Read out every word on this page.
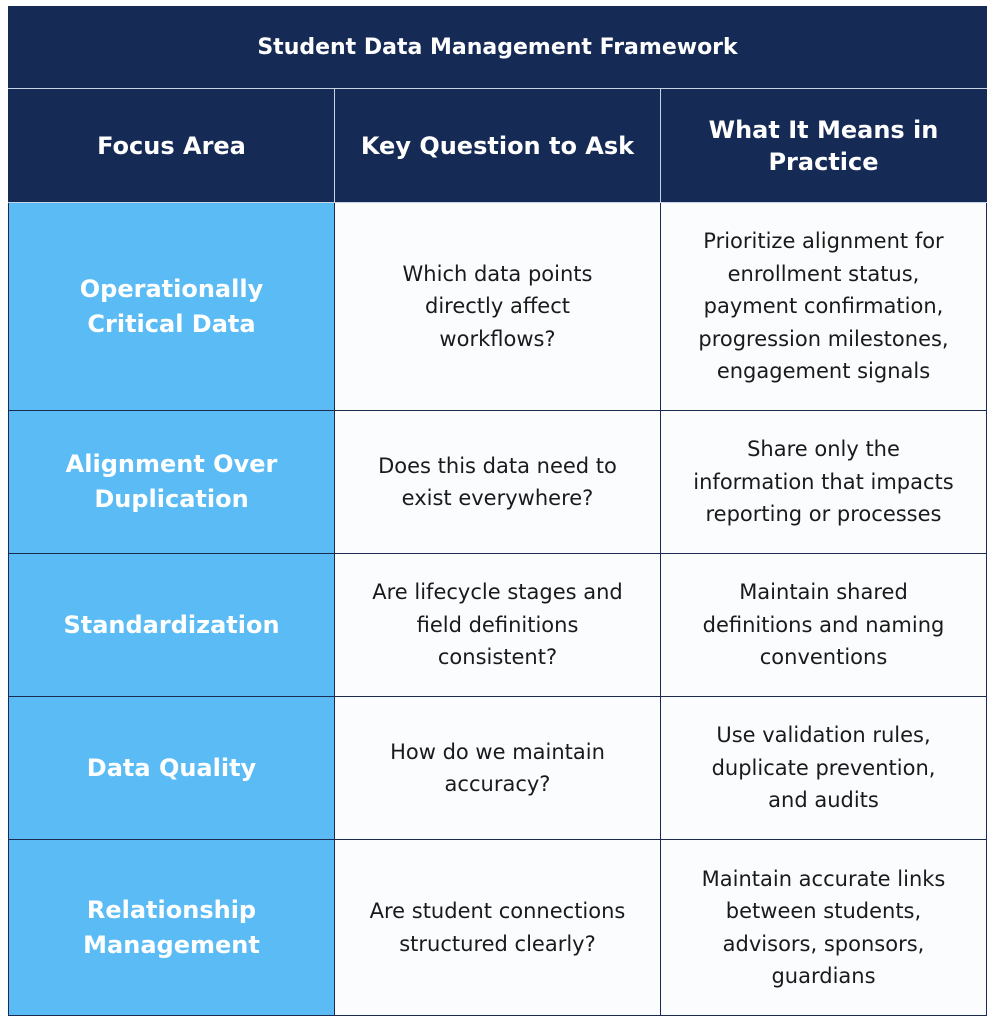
Student Data Management Framework		

Focus Area	Key Question to Ask	What It Means in
Practice

Operationally
Critical Data	Which data points
directly affect
workflows?	Prioritize alignment for
enrollment status,
payment confirmation,
progression milestones,
engagement signals

Alignment Over
Duplication	Does this data need to
exist everywhere?	Share only the
information that impacts
reporting or processes

Standardization	Are lifecycle stages and
field definitions
consistent?	Maintain shared
definitions and naming
conventions

Data Quality	How do we maintain
accuracy?	Use validation rules,
duplicate prevention,
and audits

Relationship
Management	Are student connections
structured clearly?	Maintain accurate links
between students,
advisors, sponsors,
guardians
